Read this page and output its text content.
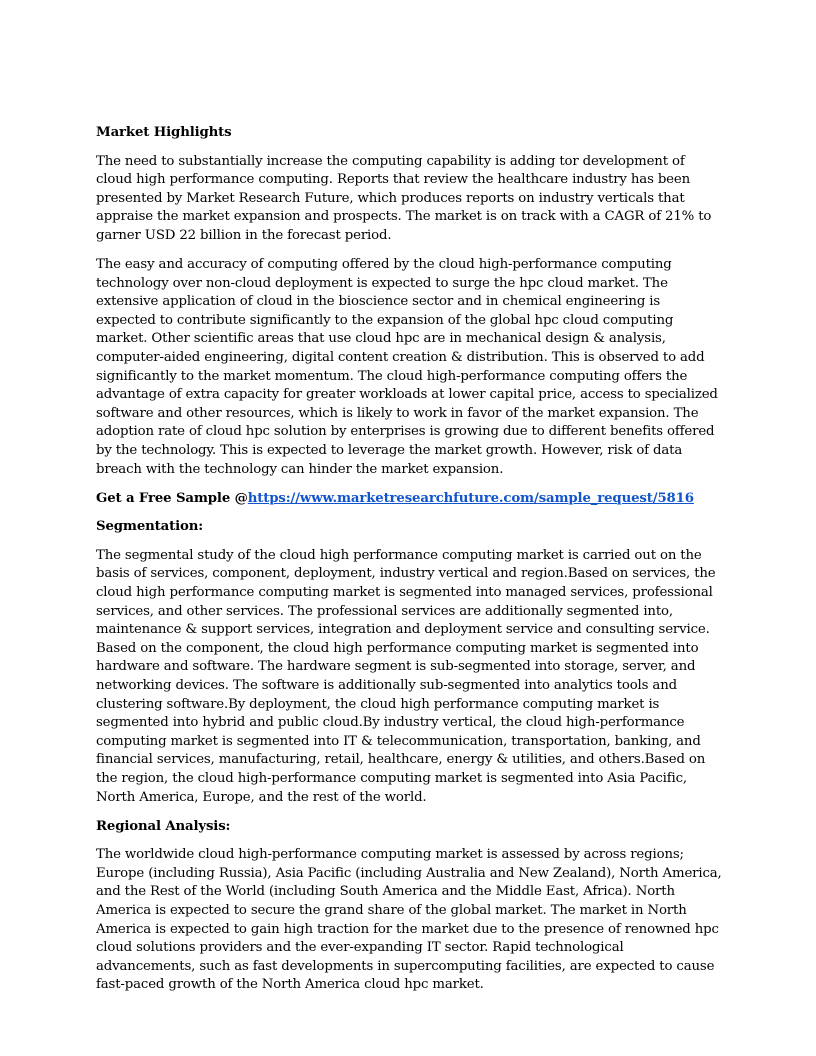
Market Highlights

The need to substantially increase the computing capability is adding tor development of cloud high performance computing. Reports that review the healthcare industry has been presented by Market Research Future, which produces reports on industry verticals that appraise the market expansion and prospects. The market is on track with a CAGR of 21% to garner USD 22 billion in the forecast period.

The easy and accuracy of computing offered by the cloud high-performance computing technology over non-cloud deployment is expected to surge the hpc cloud market. The extensive application of cloud in the bioscience sector and in chemical engineering is expected to contribute significantly to the expansion of the global hpc cloud computing market. Other scientific areas that use cloud hpc are in mechanical design & analysis, computer-aided engineering, digital content creation & distribution. This is observed to add significantly to the market momentum. The cloud high-performance computing offers the advantage of extra capacity for greater workloads at lower capital price, access to specialized software and other resources, which is likely to work in favor of the market expansion. The adoption rate of cloud hpc solution by enterprises is growing due to different benefits offered by the technology. This is expected to leverage the market growth. However, risk of data breach with the technology can hinder the market expansion.

Get a Free Sample @https://www.marketresearchfuture.com/sample_request/5816
Segmentation:

The segmental study of the cloud high performance computing market is carried out on the basis of services, component, deployment, industry vertical and region.Based on services, the cloud high performance computing market is segmented into managed services, professional services, and other services. The professional services are additionally segmented into, maintenance & support services, integration and deployment service and consulting service. Based on the component, the cloud high performance computing market is segmented into hardware and software. The hardware segment is sub-segmented into storage, server, and networking devices. The software is additionally sub-segmented into analytics tools and clustering software.By deployment, the cloud high performance computing market is segmented into hybrid and public cloud.By industry vertical, the cloud high-performance computing market is segmented into IT & telecommunication, transportation, banking, and financial services, manufacturing, retail, healthcare, energy & utilities, and others.Based on the region, the cloud high-performance computing market is segmented into Asia Pacific, North America, Europe, and the rest of the world.

Regional Analysis:

The worldwide cloud high-performance computing market is assessed by across regions; Europe (including Russia), Asia Pacific (including Australia and New Zealand), North America, and the Rest of the World (including South America and the Middle East, Africa). North America is expected to secure the grand share of the global market. The market in North America is expected to gain high traction for the market due to the presence of renowned hpc cloud solutions providers and the ever-expanding IT sector. Rapid technological advancements, such as fast developments in supercomputing facilities, are expected to cause fast-paced growth of the North America cloud hpc market.
